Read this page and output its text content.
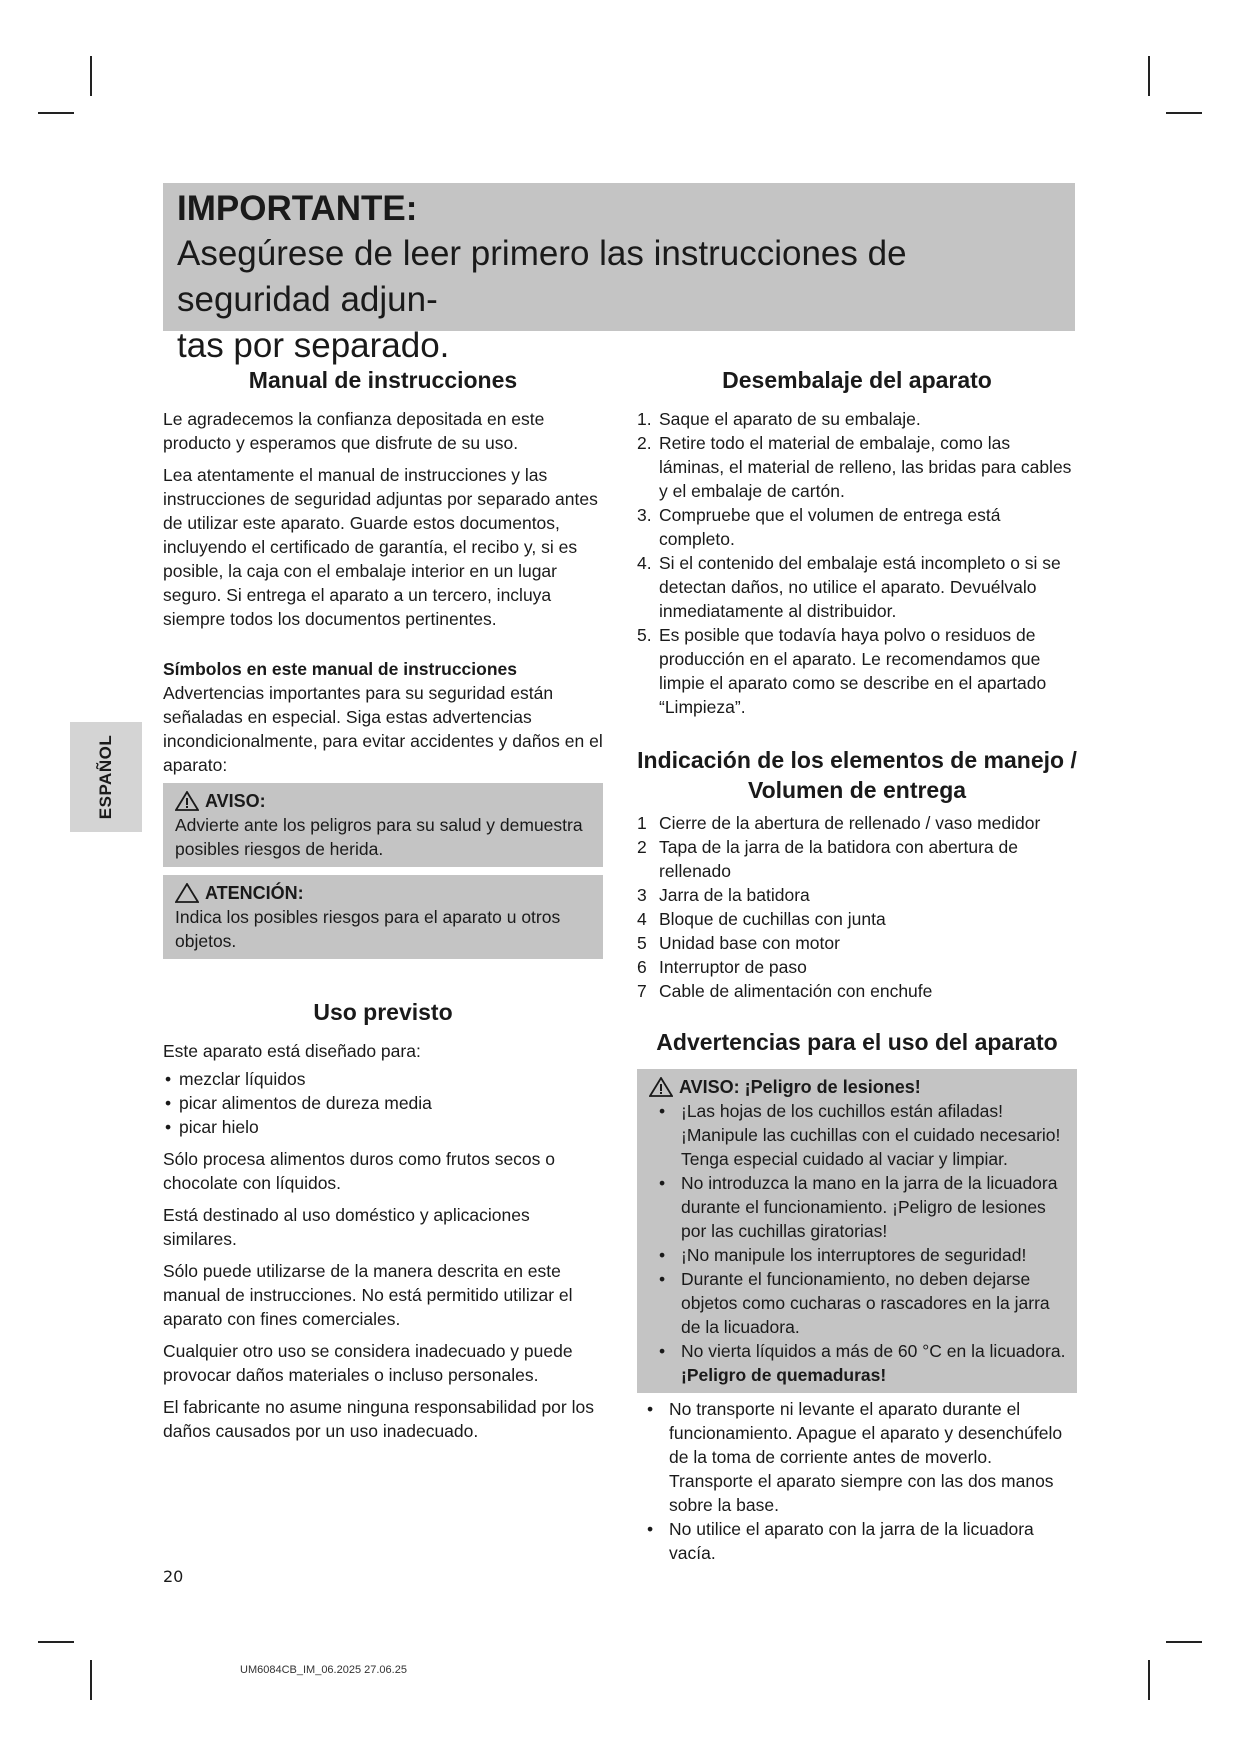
IMPORTANTE:
Asegúrese de leer primero las instrucciones de seguridad adjun-
tas por separado.
ESPAÑOL
Manual de instrucciones

Le agradecemos la confianza depositada en este producto y esperamos que disfrute de su uso.

Lea atentamente el manual de instrucciones y las instrucciones de seguridad adjuntas por separado antes de utilizar este aparato. Guarde estos documentos, incluyendo el certificado de garantía, el recibo y, si es posible, la caja con el embalaje interior en un lugar seguro. Si entrega el aparato a un tercero, incluya siempre todos los documentos pertinentes.

Símbolos en este manual de instrucciones

Advertencias importantes para su seguridad están señaladas en especial. Siga estas advertencias incondicionalmente, para evitar accidentes y daños en el aparato:

AVISO:
Advierte ante los peligros para su salud y demuestra posibles riesgos de herida.
ATENCIÓN:
Indica los posibles riesgos para el aparato u otros objetos.
Uso previsto

Este aparato está diseñado para:

• mezclar líquidos
• picar alimentos de dureza media
• picar hielo

Sólo procesa alimentos duros como frutos secos o chocolate con líquidos.

Está destinado al uso doméstico y aplicaciones similares.

Sólo puede utilizarse de la manera descrita en este manual de instrucciones. No está permitido utilizar el aparato con fines comerciales.

Cualquier otro uso se considera inadecuado y puede provocar daños materiales o incluso personales.

El fabricante no asume ninguna responsabilidad por los daños causados por un uso inadecuado.

Desembalaje del aparato
1. Saque el aparato de su embalaje.
2. Retire todo el material de embalaje, como las láminas, el material de relleno, las bridas para cables y el embalaje de cartón.
3. Compruebe que el volumen de entrega está completo.
4. Si el contenido del embalaje está incompleto o si se detectan daños, no utilice el aparato. Devuélvalo inmediatamente al distribuidor.
5. Es posible que todavía haya polvo o residuos de producción en el aparato. Le recomendamos que limpie el aparato como se describe en el apartado “Limpieza”.
Indicación de los elementos de manejo /
Volumen de entrega
1 Cierre de la abertura de rellenado / vaso medidor
2 Tapa de la jarra de la batidora con abertura de rellenado
3 Jarra de la batidora
4 Bloque de cuchillas con junta
5 Unidad base con motor
6 Interruptor de paso
7 Cable de alimentación con enchufe
Advertencias para el uso del aparato
AVISO: ¡Peligro de lesiones!
• ¡Las hojas de los cuchillos están afiladas! ¡Manipule las cuchillas con el cuidado necesario! Tenga especial cuidado al vaciar y limpiar.
• No introduzca la mano en la jarra de la licuadora durante el funcionamiento. ¡Peligro de lesiones por las cuchillas giratorias!
• ¡No manipule los interruptores de seguridad!
• Durante el funcionamiento, no deben dejarse objetos como cucharas o rascadores en la jarra de la licuadora.
• No vierta líquidos a más de 60 °C en la licuadora.
¡Peligro de quemaduras!
• No transporte ni levante el aparato durante el funcionamiento. Apague el aparato y desenchúfelo de la toma de corriente antes de moverlo. Transporte el aparato siempre con las dos manos sobre la base.
• No utilice el aparato con la jarra de la licuadora vacía.
20
UM6084CB_IM_06.2025 27.06.25
